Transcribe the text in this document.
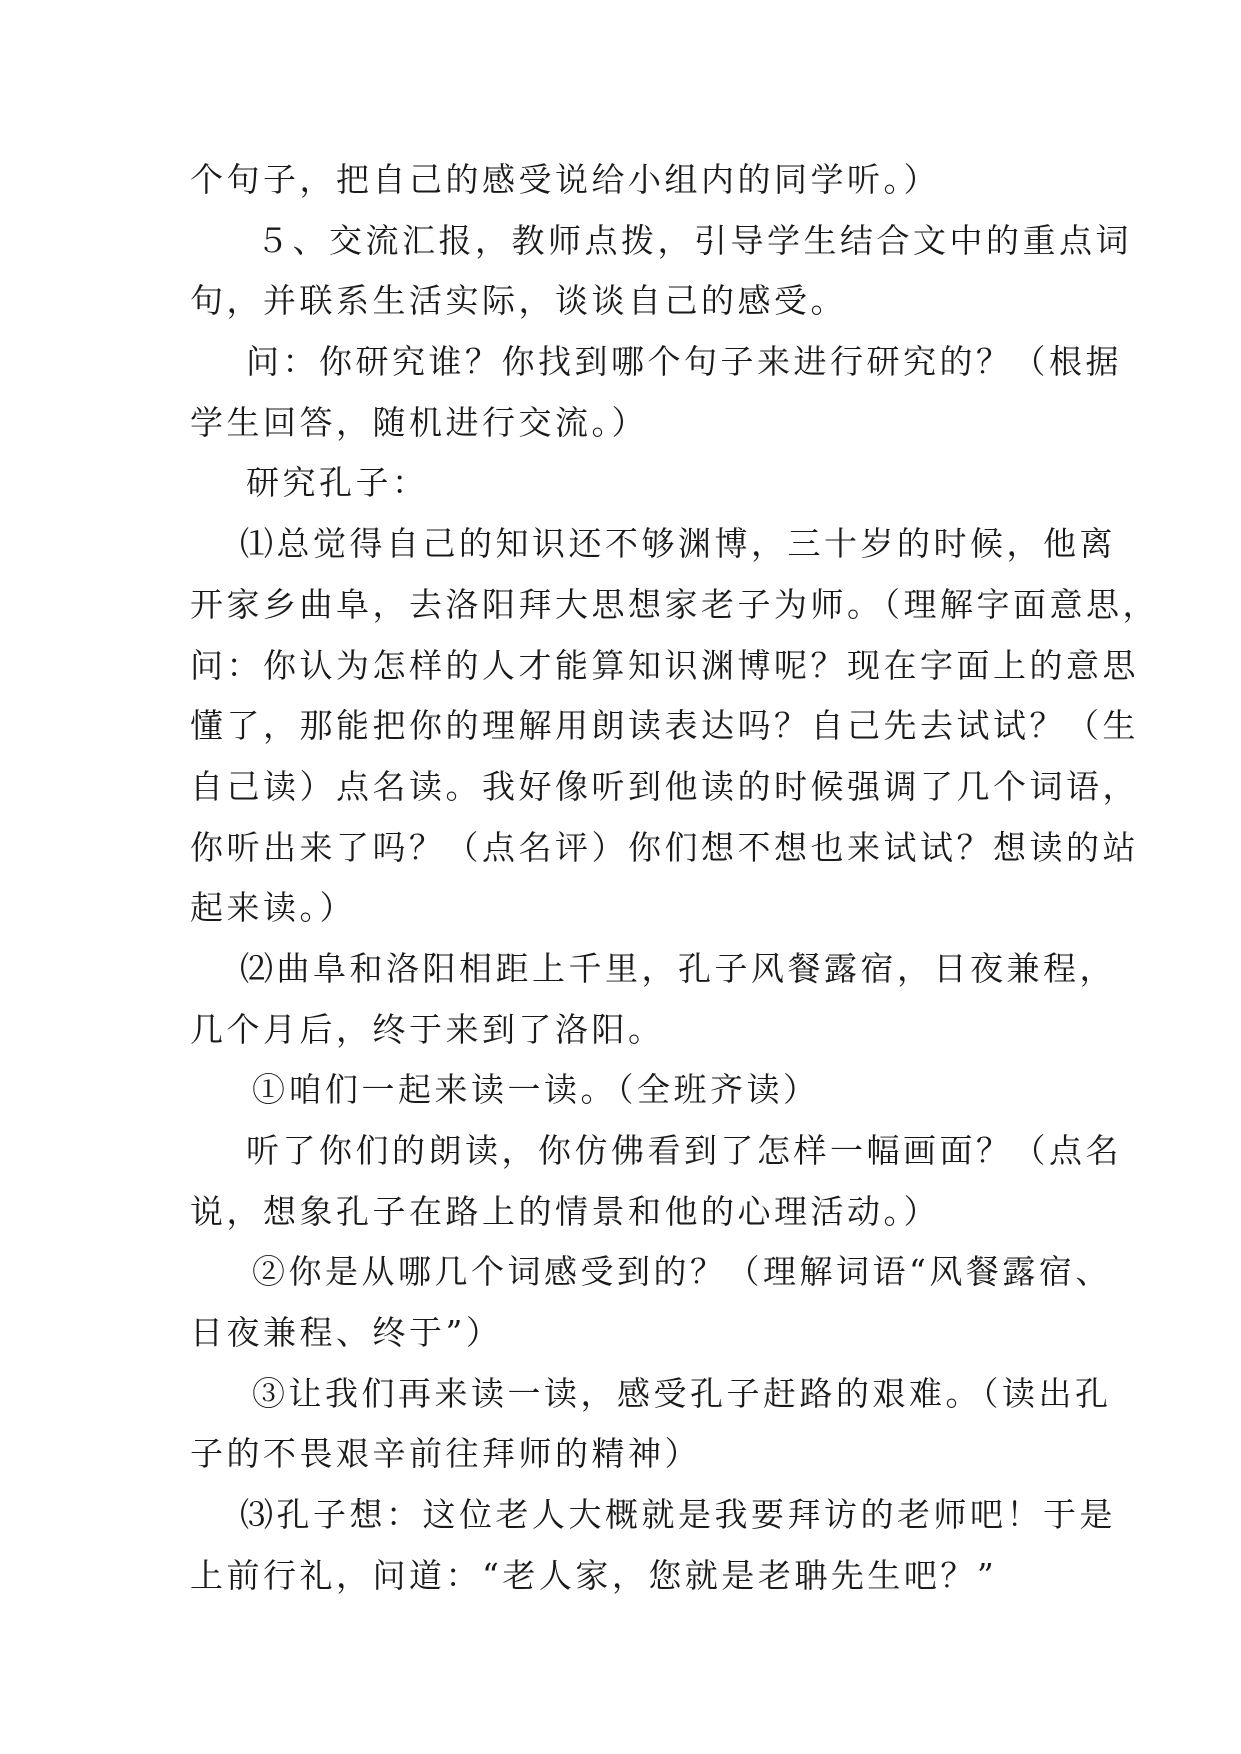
个句子，把自己的感受说给小组内的同学听。）
５、交流汇报，教师点拨，引导学生结合文中的重点词
句，并联系生活实际，谈谈自己的感受。
问：你研究谁？你找到哪个句子来进行研究的？（根据
学生回答，随机进行交流。）
研究孔子：
⑴总觉得自己的知识还不够渊博，三十岁的时候，他离
开家乡曲阜，去洛阳拜大思想家老子为师。（理解字面意思，
问：你认为怎样的人才能算知识渊博呢？现在字面上的意思
懂了，那能把你的理解用朗读表达吗？自己先去试试？（生
自己读）点名读。我好像听到他读的时候强调了几个词语，
你听出来了吗？（点名评）你们想不想也来试试？想读的站
起来读。）
⑵曲阜和洛阳相距上千里，孔子风餐露宿，日夜兼程，
几个月后，终于来到了洛阳。
①咱们一起来读一读。（全班齐读）
听了你们的朗读，你仿佛看到了怎样一幅画面？（点名
说，想象孔子在路上的情景和他的心理活动。）
②你是从哪几个词感受到的？（理解词语“风餐露宿、
日夜兼程、终于”）
③让我们再来读一读，感受孔子赶路的艰难。（读出孔
子的不畏艰辛前往拜师的精神）
⑶孔子想：这位老人大概就是我要拜访的老师吧！于是
上前行礼，问道：“老人家，您就是老聃先生吧？”
